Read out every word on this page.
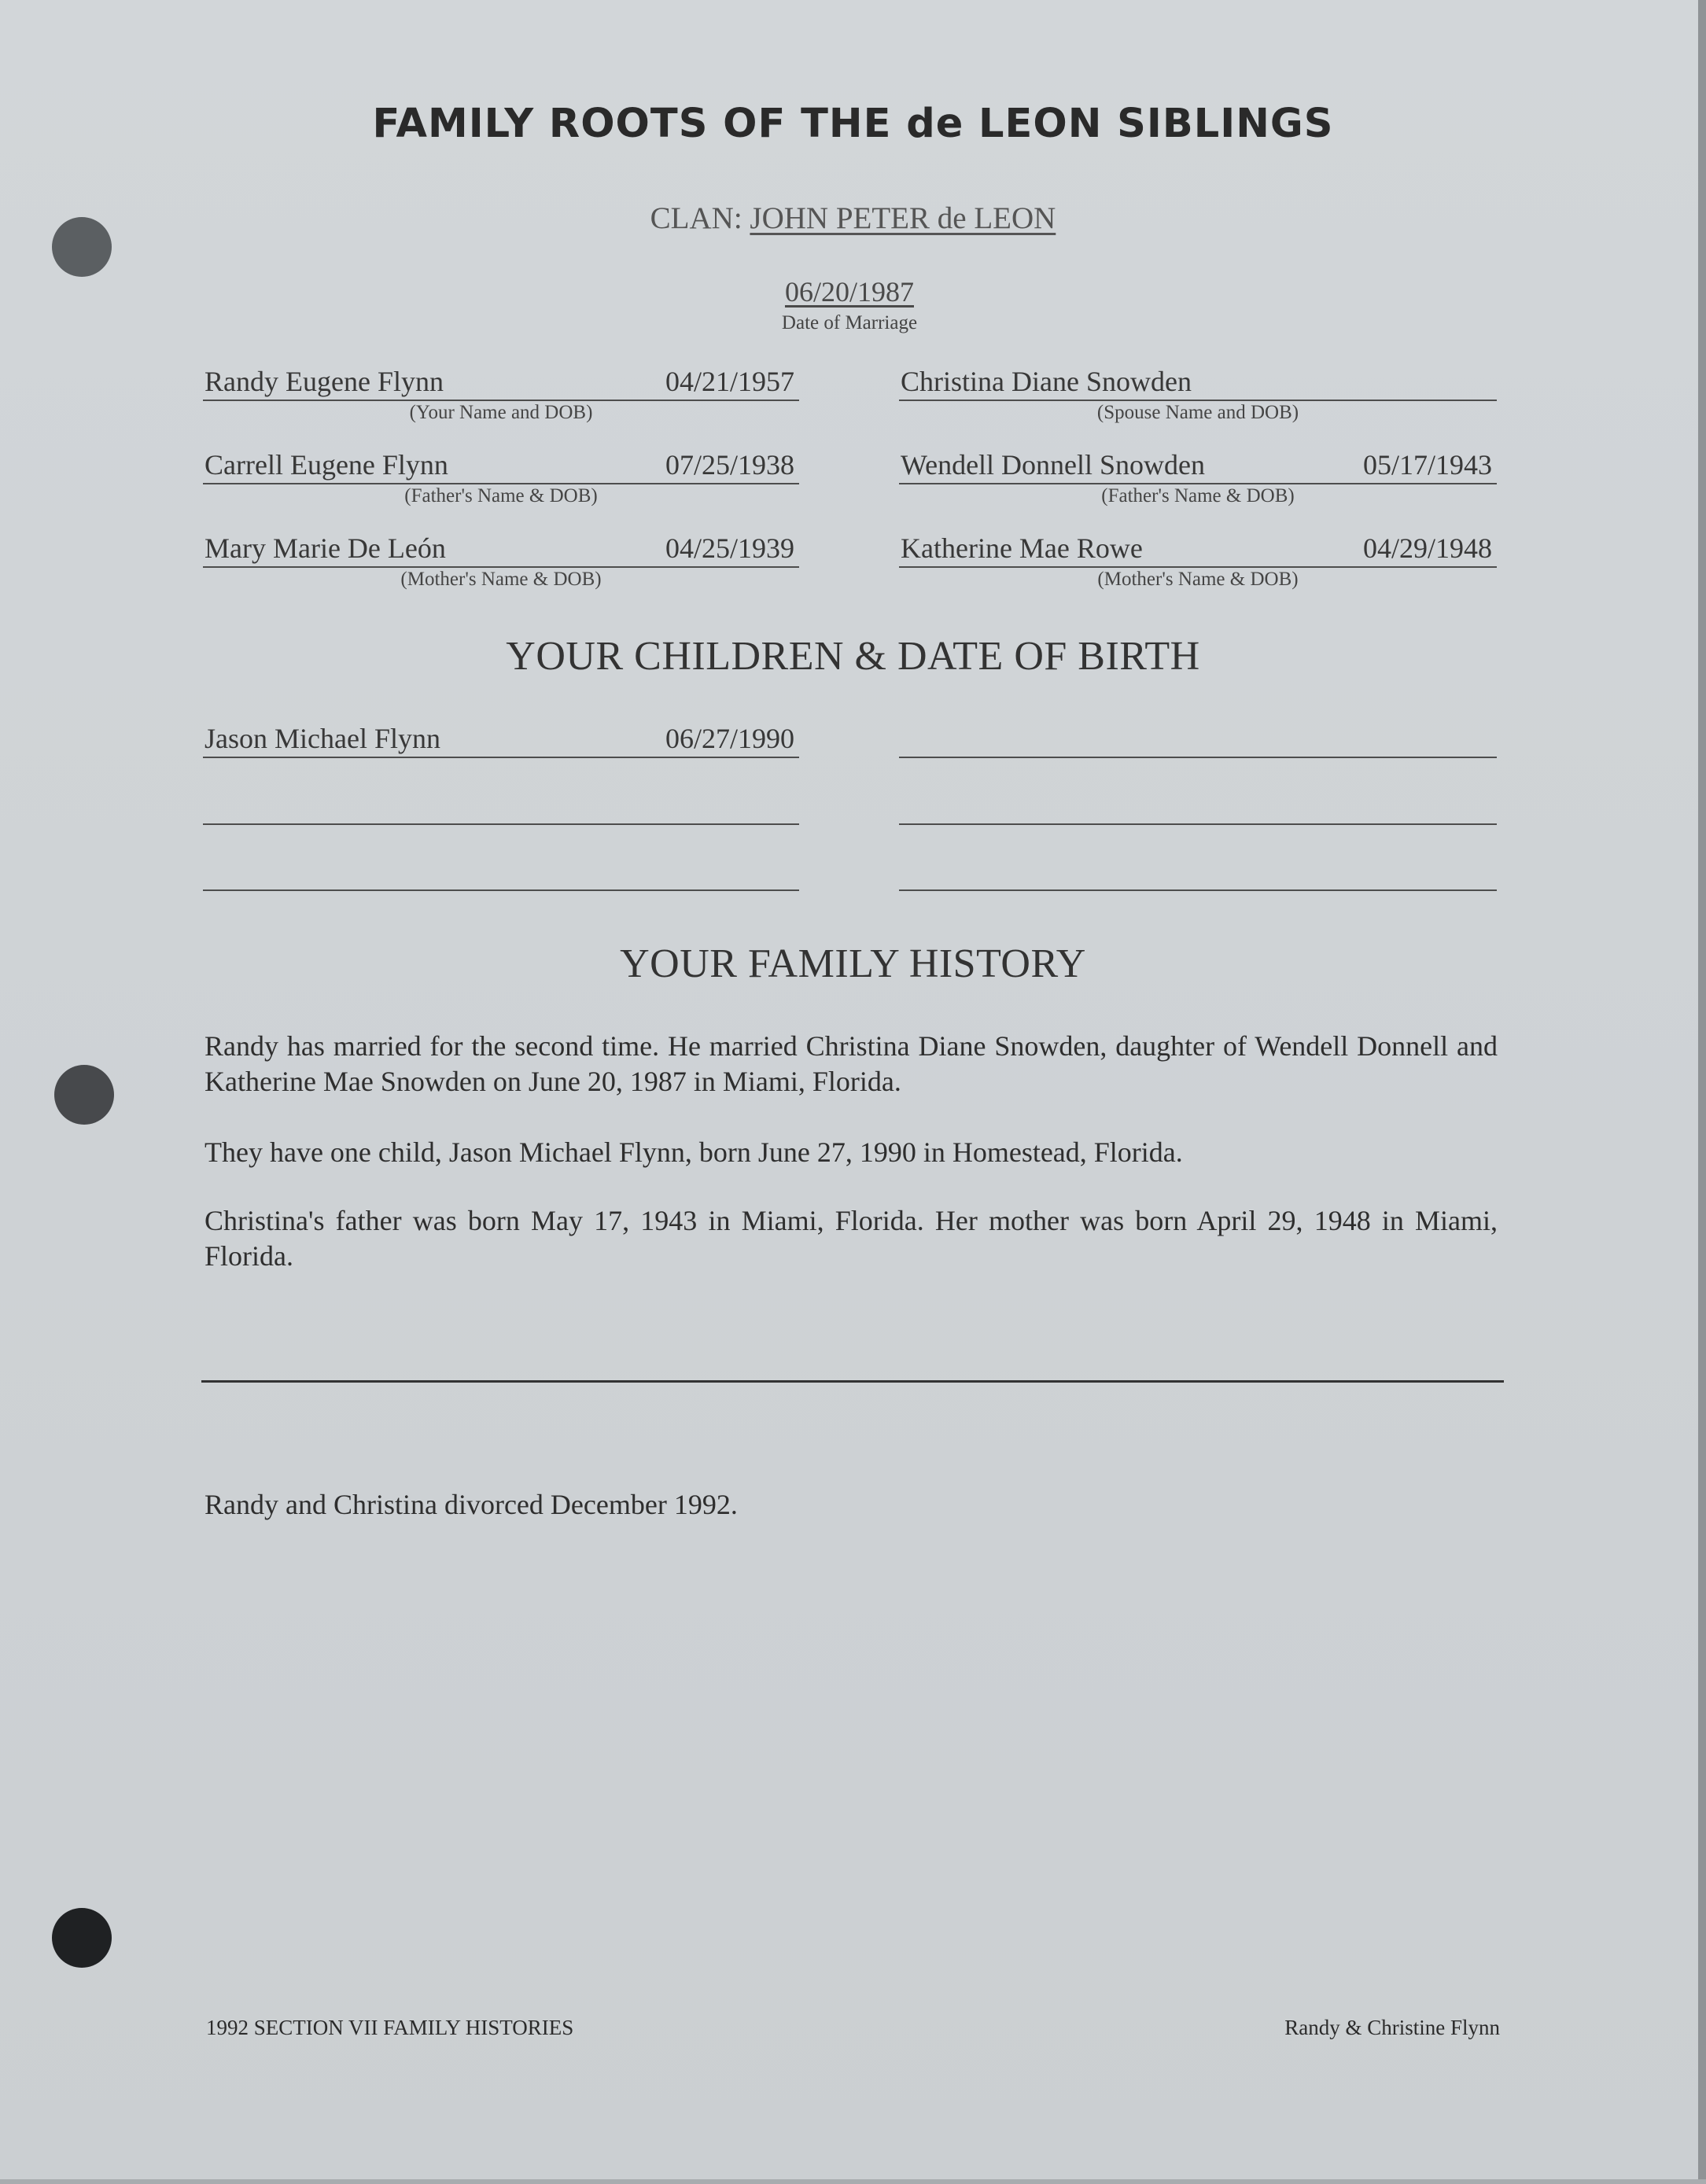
FAMILY ROOTS OF THE de LEON SIBLINGS
CLAN: JOHN PETER de LEON
06/20/1987
Date of Marriage
Randy Eugene Flynn	04/21/1957
(Your Name and DOB)
Christina Diane Snowden
(Spouse Name and DOB)
Carrell Eugene Flynn	07/25/1938
(Father's Name & DOB)
Wendell Donnell Snowden	05/17/1943
(Father's Name & DOB)
Mary Marie De León	04/25/1939
(Mother's Name & DOB)
Katherine Mae Rowe	04/29/1948
(Mother's Name & DOB)
YOUR CHILDREN & DATE OF BIRTH
Jason Michael Flynn	06/27/1990
YOUR FAMILY HISTORY
Randy has married for the second time. He married Christina Diane Snowden, daughter of Wendell Donnell and Katherine Mae Snowden on June 20, 1987 in Miami, Florida.
They have one child, Jason Michael Flynn, born June 27, 1990 in Homestead, Florida.
Christina's father was born May 17, 1943 in Miami, Florida. Her mother was born April 29, 1948 in Miami, Florida.
Randy and Christina divorced December 1992.
1992 SECTION VII FAMILY HISTORIES	Randy & Christine Flynn
